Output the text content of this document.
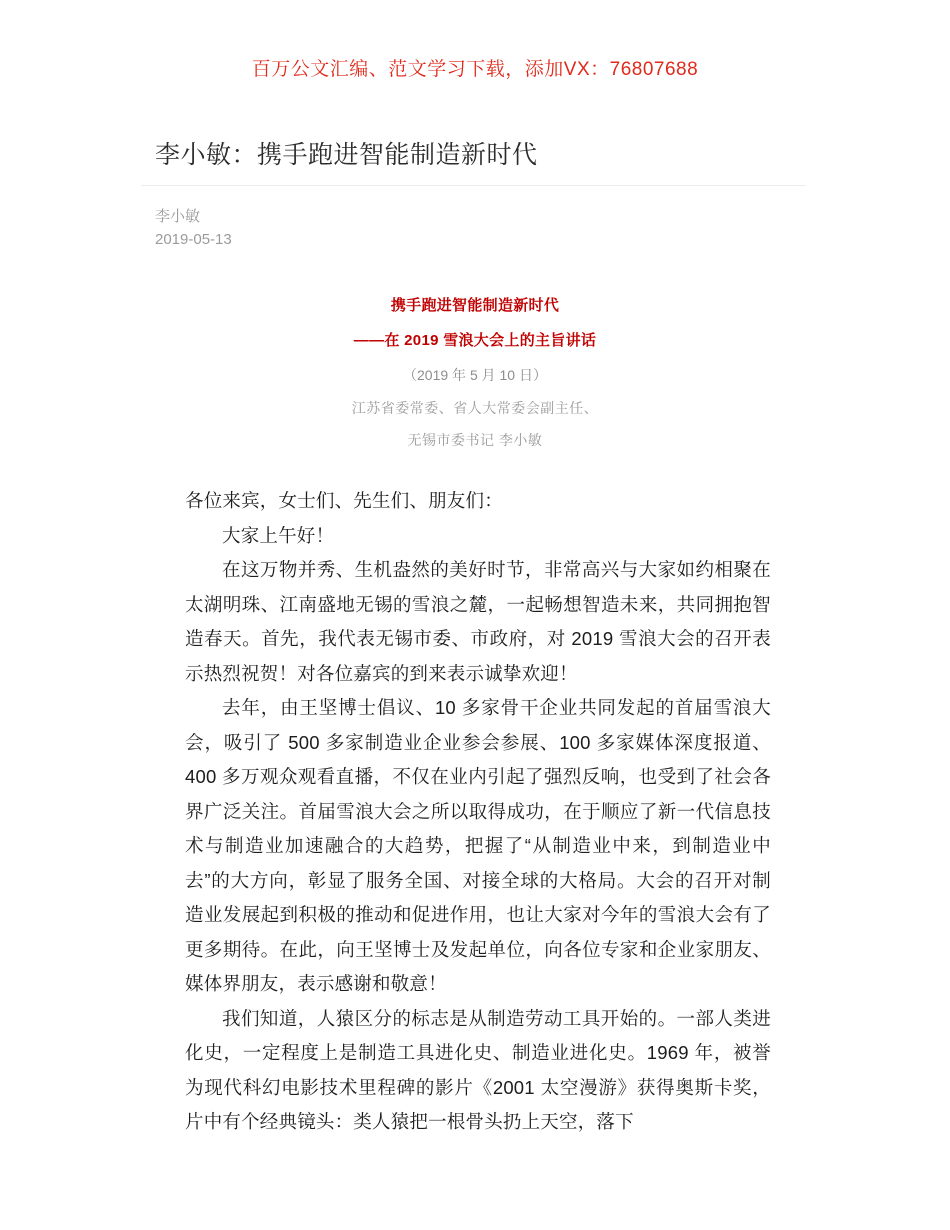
百万公文汇编、范文学习下载，添加VX：76807688
李小敏：携手跑进智能制造新时代
李小敏
2019-05-13
携手跑进智能制造新时代
——在 2019 雪浪大会上的主旨讲话
（2019 年 5 月 10 日）
江苏省委常委、省人大常委会副主任、
无锡市委书记 李小敏

各位来宾，女士们、先生们、朋友们：

大家上午好！

在这万物并秀、生机盎然的美好时节，非常高兴与大家如约相聚在太湖明珠、江南盛地无锡的雪浪之麓，一起畅想智造未来，共同拥抱智造春天。首先，我代表无锡市委、市政府，对 2019 雪浪大会的召开表示热烈祝贺！对各位嘉宾的到来表示诚挚欢迎！

去年，由王坚博士倡议、10 多家骨干企业共同发起的首届雪浪大会，吸引了 500 多家制造业企业参会参展、100 多家媒体深度报道、400 多万观众观看直播，不仅在业内引起了强烈反响，也受到了社会各界广泛关注。首届雪浪大会之所以取得成功，在于顺应了新一代信息技术与制造业加速融合的大趋势，把握了“从制造业中来，到制造业中去”的大方向，彰显了服务全国、对接全球的大格局。大会的召开对制造业发展起到积极的推动和促进作用，也让大家对今年的雪浪大会有了更多期待。在此，向王坚博士及发起单位，向各位专家和企业家朋友、媒体界朋友，表示感谢和敬意！

我们知道，人猿区分的标志是从制造劳动工具开始的。一部人类进化史，一定程度上是制造工具进化史、制造业进化史。1969 年，被誉为现代科幻电影技术里程碑的影片《2001 太空漫游》获得奥斯卡奖，片中有个经典镜头：类人猿把一根骨头扔上天空，落下
